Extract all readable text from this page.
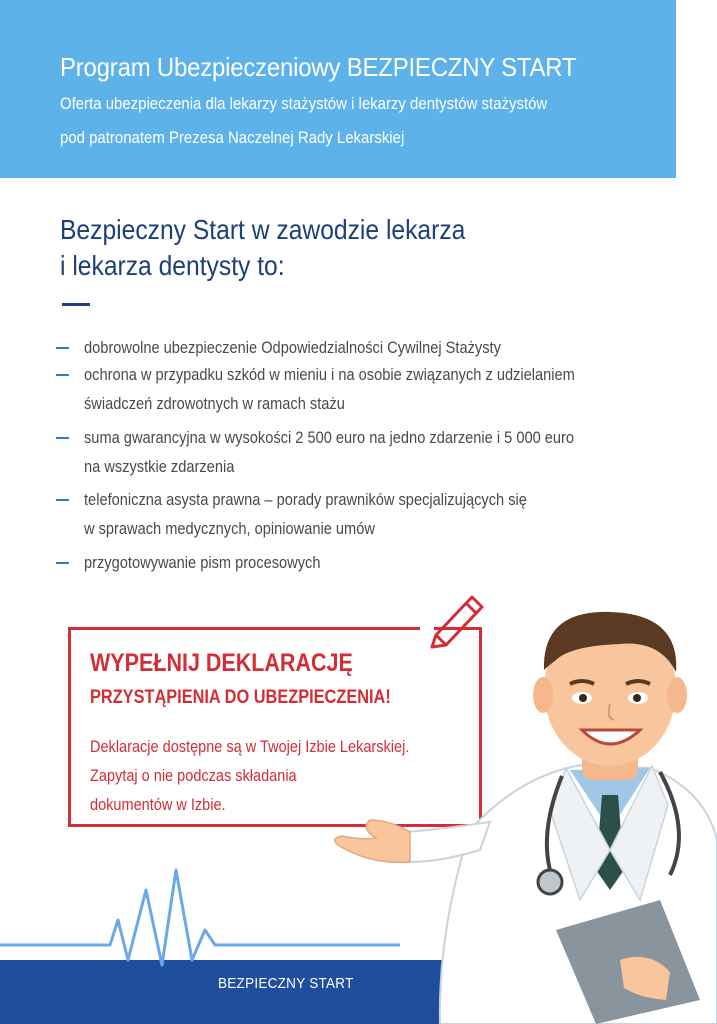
Program Ubezpieczeniowy BEZPIECZNY START

Oferta ubezpieczenia dla lekarzy stażystów i lekarzy dentystów stażystów

pod patronatem Prezesa Naczelnej Rady Lekarskiej

Bezpieczny Start w zawodzie lekarza
i lekarza dentysty to:

dobrowolne ubezpieczenie Odpowiedzialności Cywilnej Stażysty

ochrona w przypadku szkód w mieniu i na osobie związanych z udzielaniem
świadczeń zdrowotnych w ramach stażu

suma gwarancyjna w wysokości 2 500 euro na jedno zdarzenie i 5 000 euro
na wszystkie zdarzenia

telefoniczna asysta prawna – porady prawników specjalizujących się
w sprawach medycznych, opiniowanie umów

przygotowywanie pism procesowych

WYPEŁNIJ DEKLARACJĘ

PRZYSTĄPIENIA DO UBEZPIECZENIA!

Deklaracje dostępne są w Twojej Izbie Lekarskiej.
Zapytaj o nie podczas składania
dokumentów w Izbie.

BEZPIECZNY START
